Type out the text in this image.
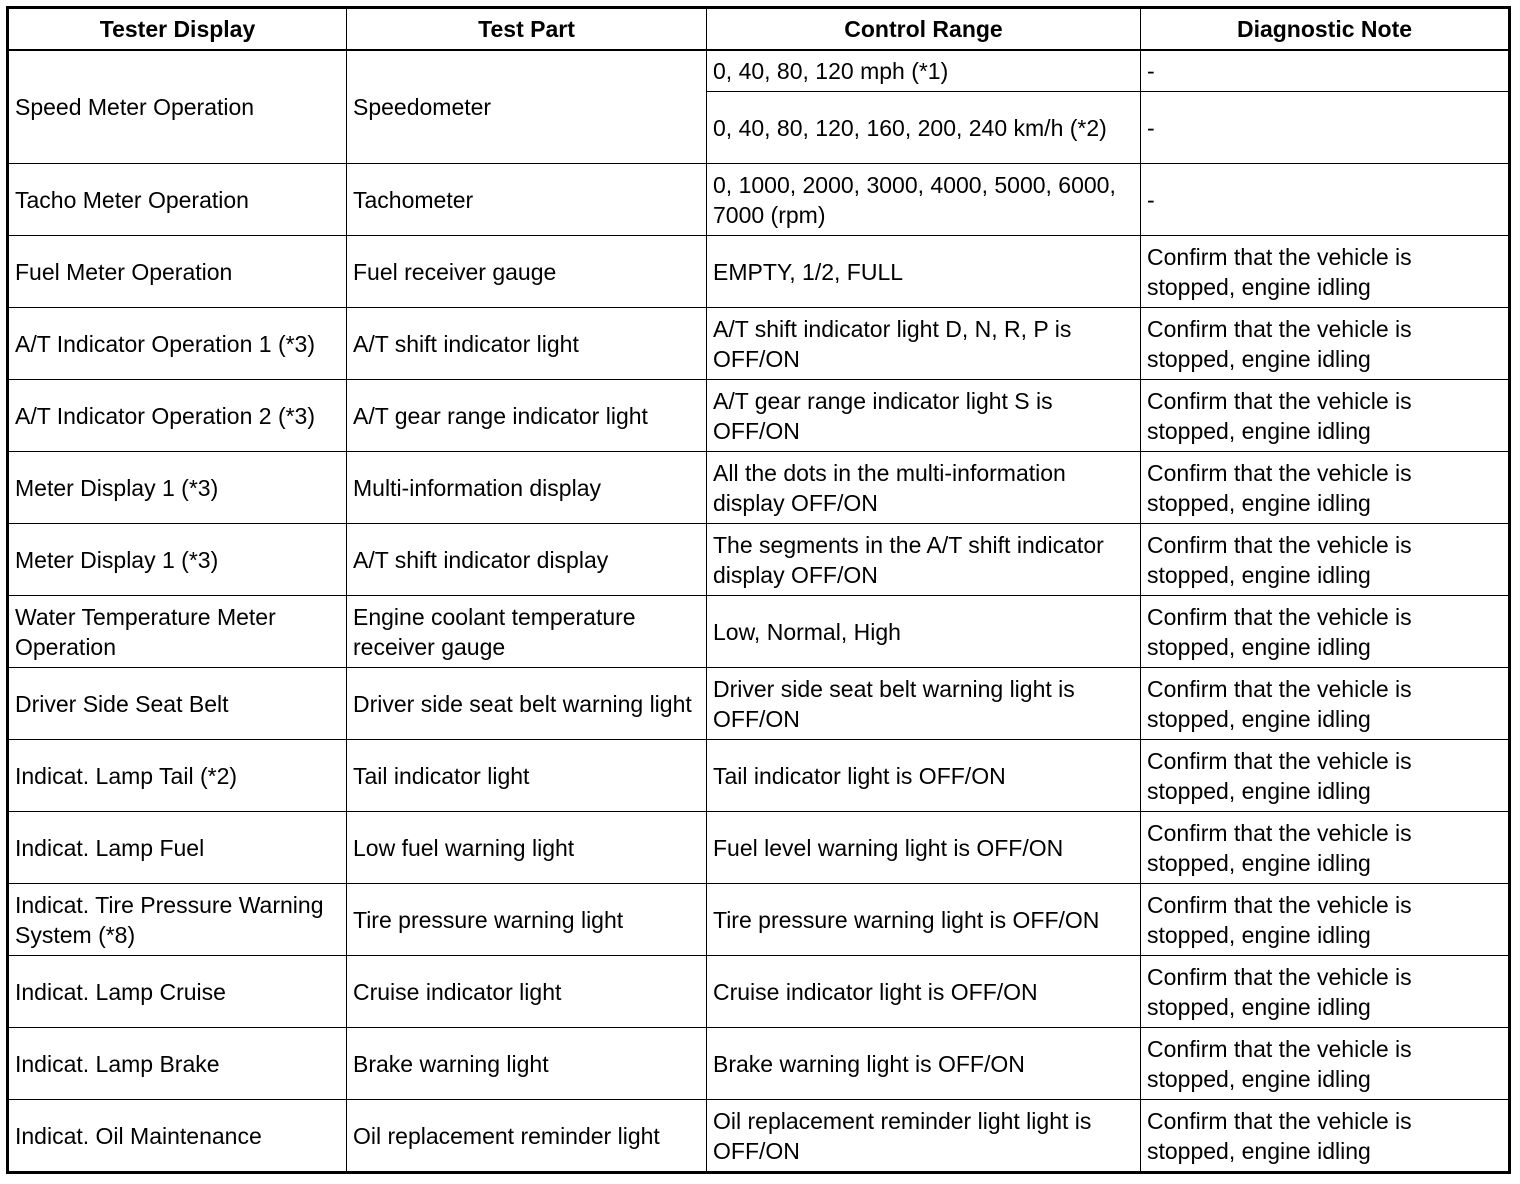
Tester Display	Test Part	Control Range	Diagnostic Note
Speed Meter Operation	Speedometer	0, 40, 80, 120 mph (*1)	-
		0, 40, 80, 120, 160, 200, 240 km/h (*2)	-
Tacho Meter Operation	Tachometer	0, 1000, 2000, 3000, 4000, 5000, 6000, 7000 (rpm)	-
Fuel Meter Operation	Fuel receiver gauge	EMPTY, 1/2, FULL	Confirm that the vehicle is stopped, engine idling
A/T Indicator Operation 1 (*3)	A/T shift indicator light	A/T shift indicator light D, N, R, P is OFF/ON	Confirm that the vehicle is stopped, engine idling
A/T Indicator Operation 2 (*3)	A/T gear range indicator light	A/T gear range indicator light S is OFF/ON	Confirm that the vehicle is stopped, engine idling
Meter Display 1 (*3)	Multi-information display	All the dots in the multi-information display OFF/ON	Confirm that the vehicle is stopped, engine idling
Meter Display 1 (*3)	A/T shift indicator display	The segments in the A/T shift indicator display OFF/ON	Confirm that the vehicle is stopped, engine idling
Water Temperature Meter Operation	Engine coolant temperature receiver gauge	Low, Normal, High	Confirm that the vehicle is stopped, engine idling
Driver Side Seat Belt	Driver side seat belt warning light	Driver side seat belt warning light is OFF/ON	Confirm that the vehicle is stopped, engine idling
Indicat. Lamp Tail (*2)	Tail indicator light	Tail indicator light is OFF/ON	Confirm that the vehicle is stopped, engine idling
Indicat. Lamp Fuel	Low fuel warning light	Fuel level warning light is OFF/ON	Confirm that the vehicle is stopped, engine idling
Indicat. Tire Pressure Warning System (*8)	Tire pressure warning light	Tire pressure warning light is OFF/ON	Confirm that the vehicle is stopped, engine idling
Indicat. Lamp Cruise	Cruise indicator light	Cruise indicator light is OFF/ON	Confirm that the vehicle is stopped, engine idling
Indicat. Lamp Brake	Brake warning light	Brake warning light is OFF/ON	Confirm that the vehicle is stopped, engine idling
Indicat. Oil Maintenance	Oil replacement reminder light	Oil replacement reminder light light is OFF/ON	Confirm that the vehicle is stopped, engine idling
